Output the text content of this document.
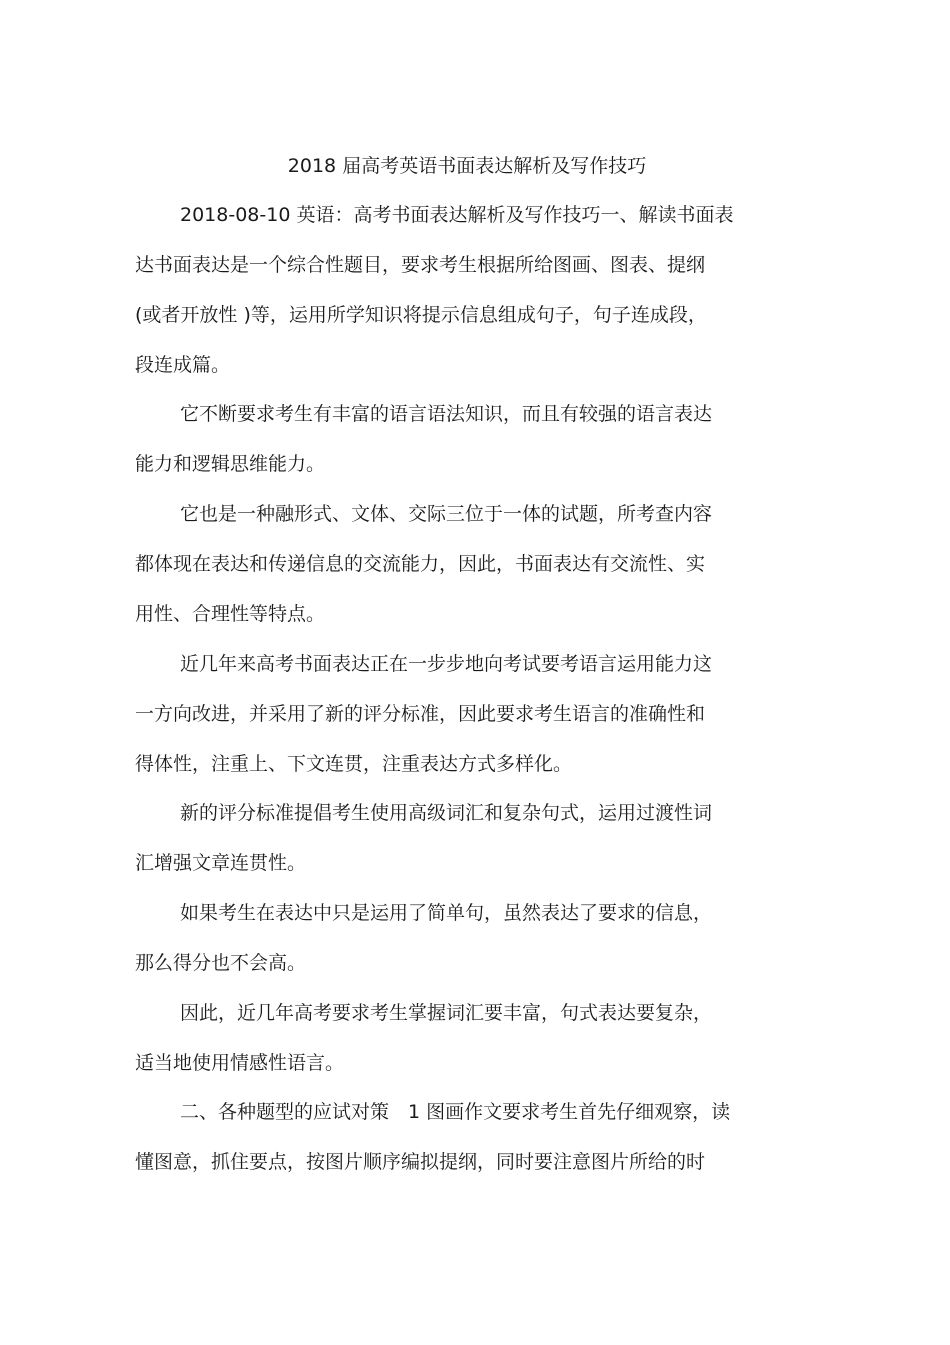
2018 届高考英语书面表达解析及写作技巧
2018-08-10 英语：高考书面表达解析及写作技巧一、解读书面表
达书面表达是一个综合性题目，要求考生根据所给图画、图表、提纲
(或者开放性 )等，运用所学知识将提示信息组成句子，句子连成段，
段连成篇。
它不断要求考生有丰富的语言语法知识，而且有较强的语言表达
能力和逻辑思维能力。
它也是一种融形式、文体、交际三位于一体的试题，所考查内容
都体现在表达和传递信息的交流能力，因此，书面表达有交流性、实
用性、合理性等特点。
近几年来高考书面表达正在一步步地向考试要考语言运用能力这
一方向改进，并采用了新的评分标准，因此要求考生语言的准确性和
得体性，注重上、下文连贯，注重表达方式多样化。
新的评分标准提倡考生使用高级词汇和复杂句式，运用过渡性词
汇增强文章连贯性。
如果考生在表达中只是运用了简单句，虽然表达了要求的信息，
那么得分也不会高。
因此，近几年高考要求考生掌握词汇要丰富，句式表达要复杂，
适当地使用情感性语言。
二、各种题型的应试对策　1 图画作文要求考生首先仔细观察，读
懂图意，抓住要点，按图片顺序编拟提纲，同时要注意图片所给的时
